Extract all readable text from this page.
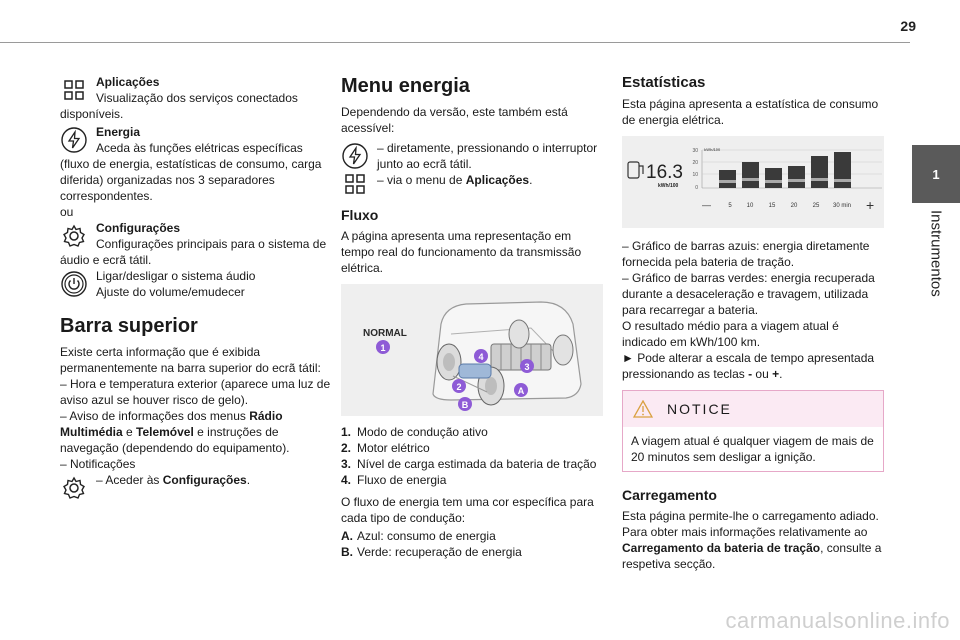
29
1
Instrumentos

Aplicações

Visualização dos serviços conectados disponíveis.

Energia

Aceda às funções elétricas específicas (fluxo de energia, estatísticas de consumo, carga diferida) organizadas nos 3 separadores correspondentes.

ou

Configurações

Configurações principais para o sistema de áudio e ecrã tátil.

Ligar/desligar o sistema áudio

Ajuste do volume/emudecer

Barra superior

Existe certa informação que é exibida permanentemente na barra superior do ecrã tátil:

– Hora e temperatura exterior (aparece uma luz de aviso azul se houver risco de gelo).

– Aviso de informações dos menus Rádio Multimédia e Telemóvel e instruções de navegação (dependendo do equipamento).

– Notificações

– Aceder às Configurações.

Menu energia

Dependendo da versão, este também está acessível:

– diretamente, pressionando o interruptor junto ao ecrã tátil.

– via o menu de Aplicações.

Fluxo

A página apresenta uma representação em tempo real do funcionamento da transmissão elétrica.

NORMAL
1
2
3
4
A
B
1. Modo de condução ativo
2. Motor elétrico
3. Nível de carga estimada da bateria de tração
4. Fluxo de energia

O fluxo de energia tem uma cor específica para cada tipo de condução:

A. Azul: consumo de energia
B. Verde: recuperação de energia
Estatísticas

Esta página apresenta a estatística de consumo de energia elétrica.

16.3
kWh/100
kWh/100
30
20
10
0
—	5 10	15	20	25 30 min +

– Gráfico de barras azuis: energia diretamente fornecida pela bateria de tração.

– Gráfico de barras verdes: energia recuperada durante a desaceleração e travagem, utilizada para recarregar a bateria.

O resultado médio para a viagem atual é indicado em kWh/100 km.

► Pode alterar a escala de tempo apresentada pressionando as teclas - ou +.

NOTICE

A viagem atual é qualquer viagem de mais de 20 minutos sem desligar a ignição.

Carregamento

Esta página permite-lhe o carregamento adiado. Para obter mais informações relativamente ao Carregamento da bateria de tração, consulte a respetiva secção.

carmanualsonline.info
